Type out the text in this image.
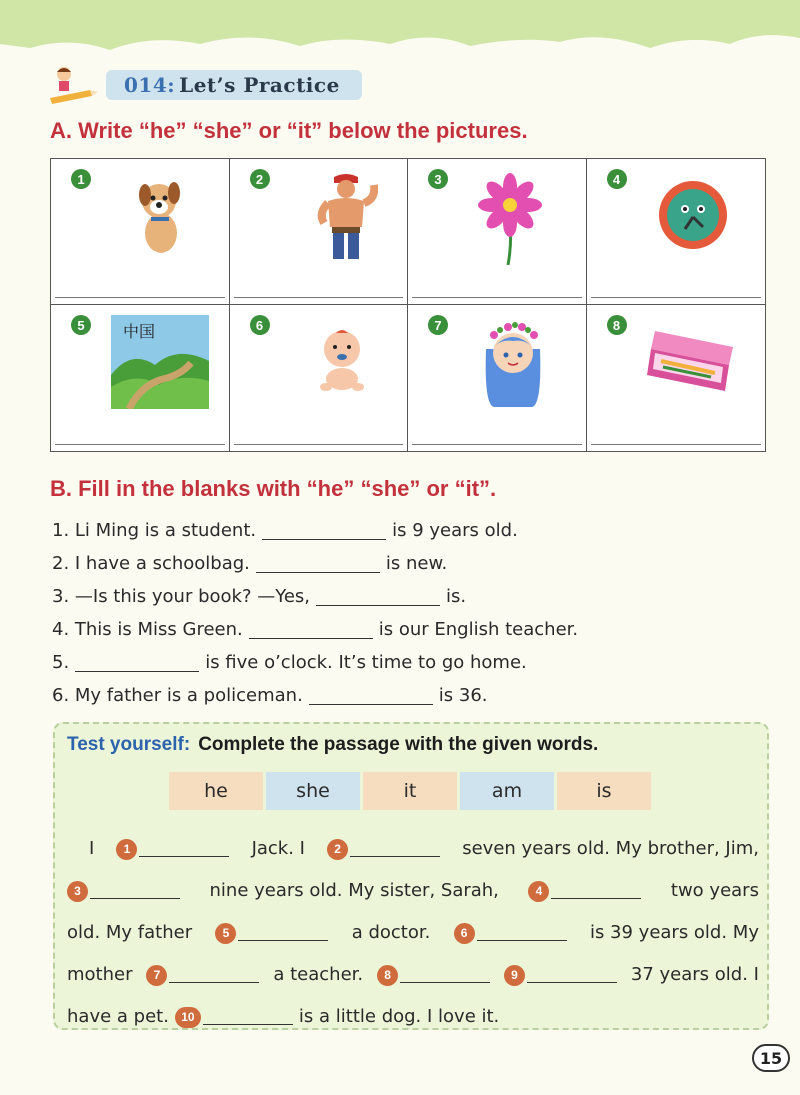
014: Let’s Practice
A. Write “he” “she” or “it” below the pictures.
1	2	3	4
5	中国	6	7	8
B. Fill in the blanks with “he” “she” or “it”.
1. Li Ming is a student.	is 9 years old.
2. I have a schoolbag.	is new.
3. —Is this your book? —Yes,	is.
4. This is Miss Green.	is our English teacher.
5.	is five o’clock. It’s time to go home.
6. My father is a policeman.	is 36.
Test yourself: Complete the passage with the given words.
he	she	it	am	is
I	1	Jack. I	2	seven years old. My brother, Jim,
3	nine years old. My sister, Sarah,	4	two years
old. My father	5	a doctor.	6	is 39 years old. My
mother	7	a teacher.	8	9	37 years old. I
have a pet.	10	is a little dog. I love it.
15
